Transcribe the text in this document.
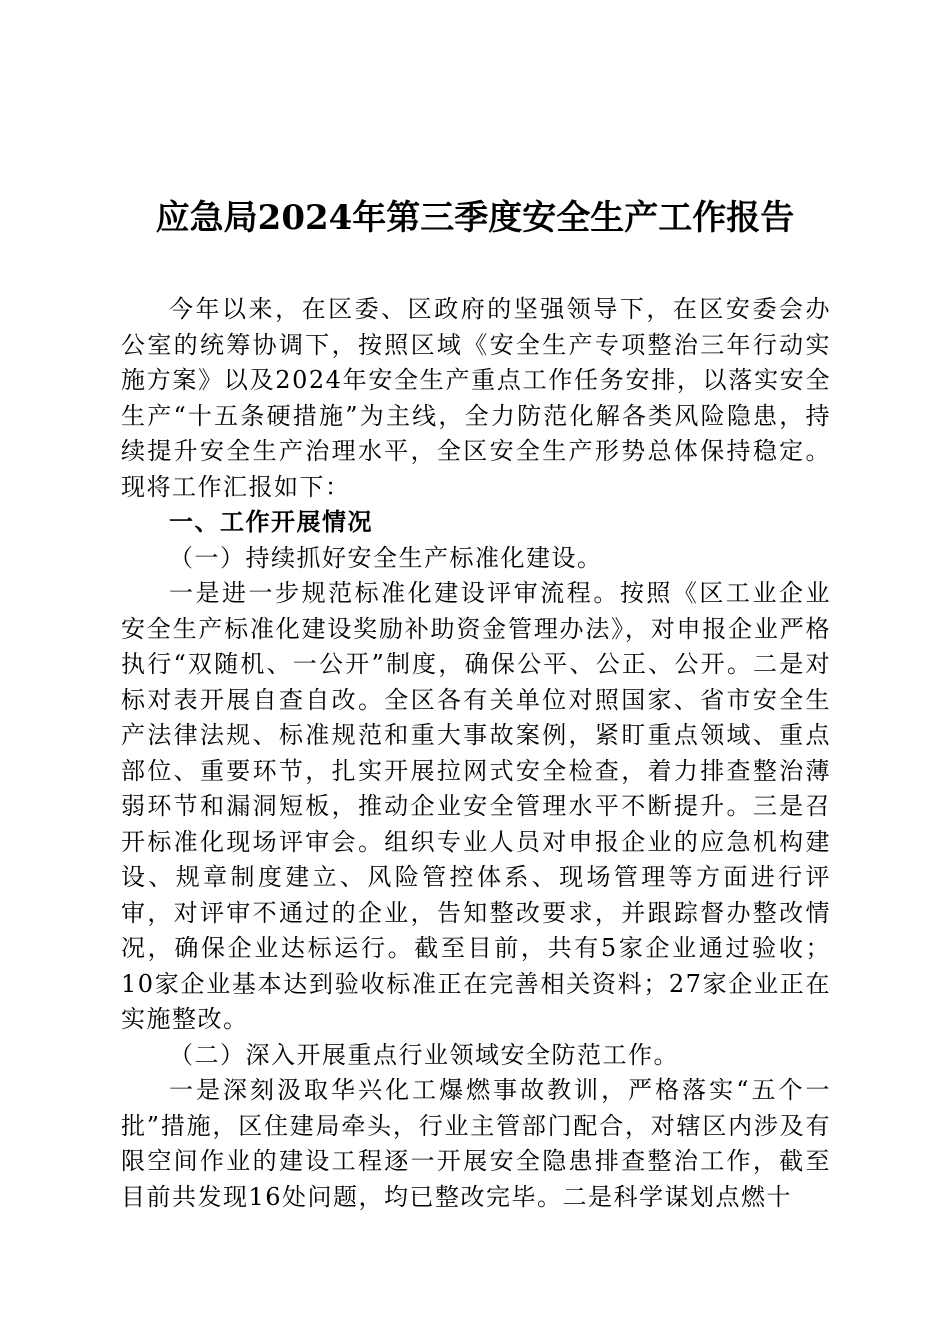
应急局2024年第三季度安全生产工作报告

今年以来，在区委、区政府的坚强领导下，在区安委会办公室的统筹协调下，按照区域《安全生产专项整治三年行动实施方案》以及2024年安全生产重点工作任务安排，以落实安全生产“十五条硬措施”为主线，全力防范化解各类风险隐患，持续提升安全生产治理水平，全区安全生产形势总体保持稳定。现将工作汇报如下：

一、工作开展情况

（一）持续抓好安全生产标准化建设。

一是进一步规范标准化建设评审流程。按照《区工业企业安全生产标准化建设奖励补助资金管理办法》，对申报企业严格执行“双随机、一公开”制度，确保公平、公正、公开。二是对标对表开展自查自改。全区各有关单位对照国家、省市安全生产法律法规、标准规范和重大事故案例，紧盯重点领域、重点部位、重要环节，扎实开展拉网式安全检查，着力排查整治薄弱环节和漏洞短板，推动企业安全管理水平不断提升。三是召开标准化现场评审会。组织专业人员对申报企业的应急机构建设、规章制度建立、风险管控体系、现场管理等方面进行评审，对评审不通过的企业，告知整改要求，并跟踪督办整改情况，确保企业达标运行。截至目前，共有5家企业通过验收；10家企业基本达到验收标准正在完善相关资料；27家企业正在实施整改。

（二）深入开展重点行业领域安全防范工作。

一是深刻汲取华兴化工爆燃事故教训，严格落实“五个一批”措施，区住建局牵头，行业主管部门配合，对辖区内涉及有限空间作业的建设工程逐一开展安全隐患排查整治工作，截至目前共发现16处问题，均已整改完毕。二是科学谋划点燃十
